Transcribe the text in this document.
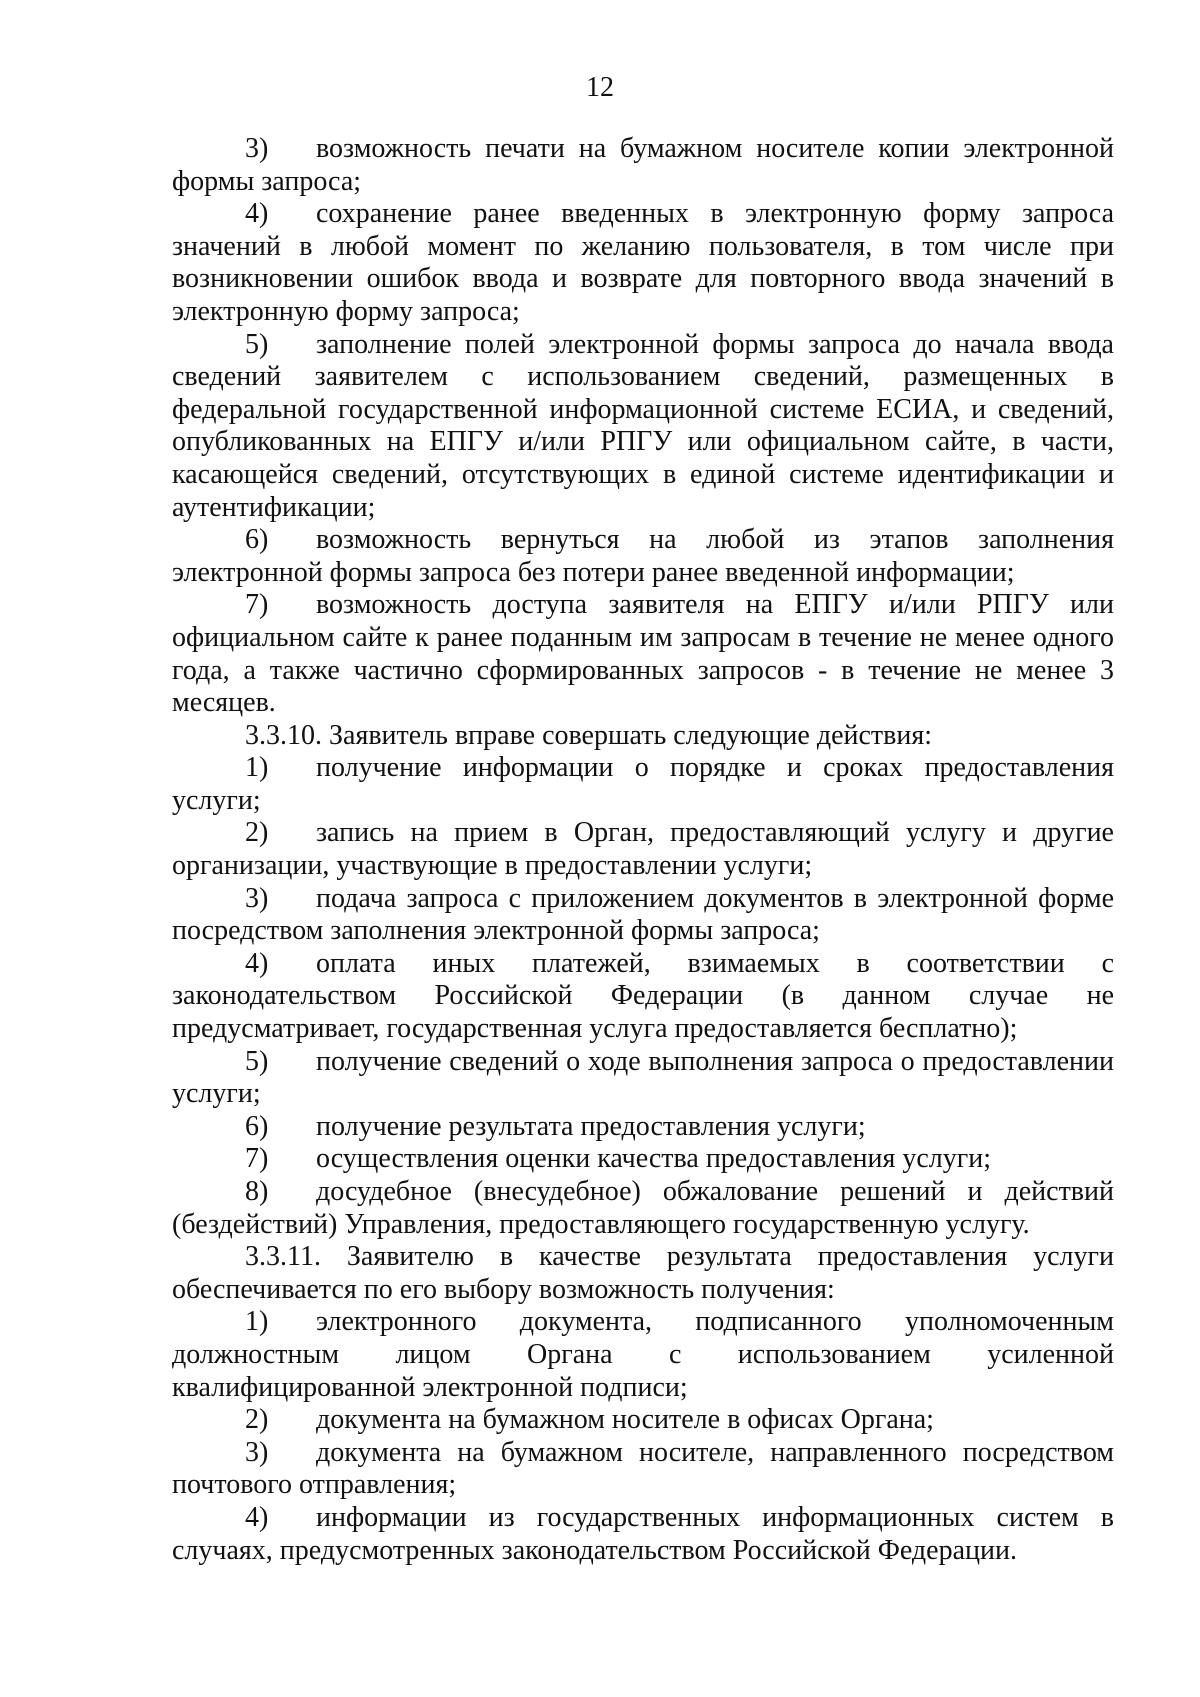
12

3) возможность печати на бумажном носителе копии электронной формы запроса;

4) сохранение ранее введенных в электронную форму запроса значений в любой момент по желанию пользователя, в том числе при возникновении ошибок ввода и возврате для повторного ввода значений в электронную форму запроса;

5) заполнение полей электронной формы запроса до начала ввода сведений заявителем с использованием сведений, размещенных в федеральной государственной информационной системе ЕСИА, и сведений, опубликованных на ЕПГУ и/или РПГУ или официальном сайте, в части, касающейся сведений, отсутствующих в единой системе идентификации и аутентификации;

6) возможность вернуться на любой из этапов заполнения электронной формы запроса без потери ранее введенной информации;

7) возможность доступа заявителя на ЕПГУ и/или РПГУ или официальном сайте к ранее поданным им запросам в течение не менее одного года, а также частично сформированных запросов - в течение не менее 3 месяцев.

3.3.10. Заявитель вправе совершать следующие действия:

1) получение информации о порядке и сроках предоставления услуги;

2) запись на прием в Орган, предоставляющий услугу и другие организации, участвующие в предоставлении услуги;

3) подача запроса с приложением документов в электронной форме посредством заполнения электронной формы запроса;

4) оплата иных платежей, взимаемых в соответствии с законодательством Российской Федерации (в данном случае не предусматривает, государственная услуга предоставляется бесплатно);

5) получение сведений о ходе выполнения запроса о предоставлении услуги;

6) получение результата предоставления услуги;

7) осуществления оценки качества предоставления услуги;

8) досудебное (внесудебное) обжалование решений и действий (бездействий) Управления, предоставляющего государственную услугу.

3.3.11. Заявителю в качестве результата предоставления услуги обеспечивается по его выбору возможность получения:

1) электронного документа, подписанного уполномоченным должностным лицом Органа с использованием усиленной квалифицированной электронной подписи;

2) документа на бумажном носителе в офисах Органа;

3) документа на бумажном носителе, направленного посредством почтового отправления;

4) информации из государственных информационных систем в случаях, предусмотренных законодательством Российской Федерации.
